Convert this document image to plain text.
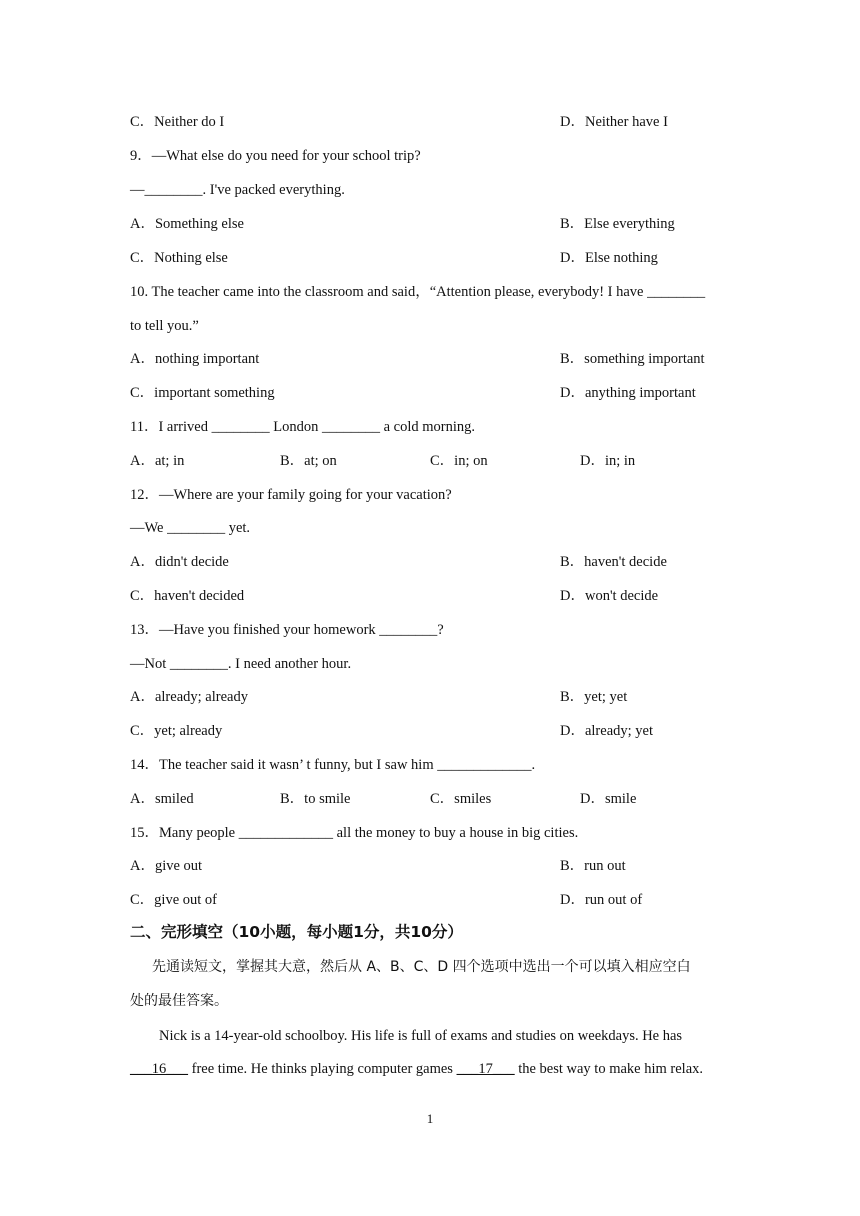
C．Neither do I	D．Neither have I
9．—What else do you need for your school trip?
—________. I've packed everything.
A．Something else	B．Else everything
C．Nothing else	D．Else nothing
10. The teacher came into the classroom and said，“Attention please, everybody! I have ________
to tell you.”
A．nothing important	B．something important
C．important something	D．anything important
11．I arrived ________ London ________ a cold morning.
A．at; in	B．at; on	C．in; on	D．in; in
12．—Where are your family going for your vacation?
—We ________ yet.
A．didn't decide	B．haven't decide
C．haven't decided	D．won't decide
13．—Have you finished your homework ________?
—Not ________. I need another hour.
A．already; already	B．yet; yet
C．yet; already	D．already; yet
14．The teacher said it wasn’ t funny, but I saw him _____________.
A．smiled	B．to smile	C．smiles	D．smile
15．Many people _____________ all the money to buy a house in big cities.
A．give out	B．run out
C．give out of	D．run out of
二、完形填空（10小题，每小题1分，共10分）
先通读短文，掌握其大意，然后从 A、B、C、D 四个选项中选出一个可以填入相应空白
处的最佳答案。
Nick is a 14-year-old schoolboy. His life is full of exams and studies on weekdays. He has
___16___ free time. He thinks playing computer games ___17___ the best way to make him relax.
1
